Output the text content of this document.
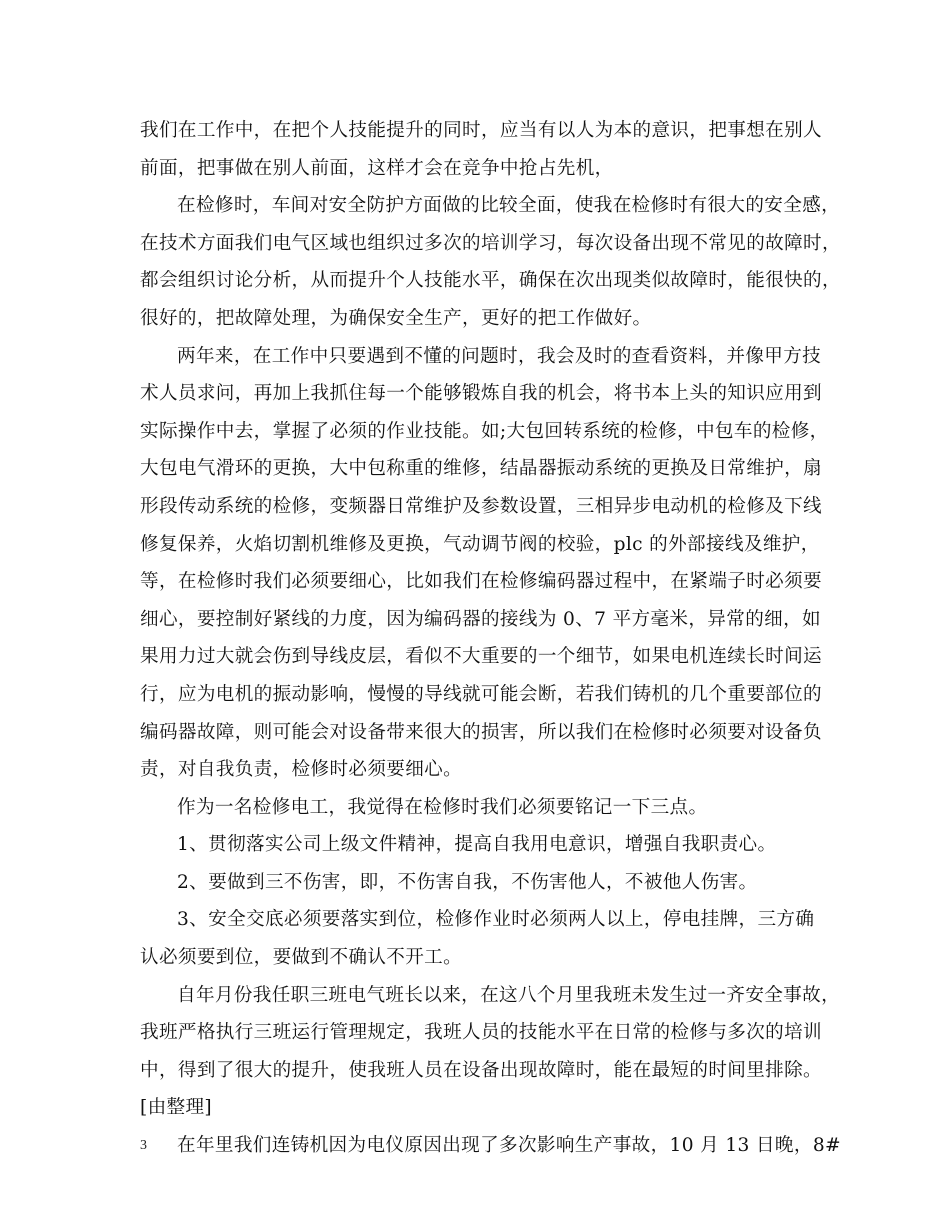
我们在工作中，在把个人技能提升的同时，应当有以人为本的意识，把事想在别人
前面，把事做在别人前面，这样才会在竞争中抢占先机，
在检修时，车间对安全防护方面做的比较全面，使我在检修时有很大的安全感，
在技术方面我们电气区域也组织过多次的培训学习，每次设备出现不常见的故障时，
都会组织讨论分析，从而提升个人技能水平，确保在次出现类似故障时，能很快的，
很好的，把故障处理，为确保安全生产，更好的把工作做好。
两年来，在工作中只要遇到不懂的问题时，我会及时的查看资料，并像甲方技
术人员求问，再加上我抓住每一个能够锻炼自我的机会，将书本上头的知识应用到
实际操作中去，掌握了必须的作业技能。如;大包回转系统的检修，中包车的检修，
大包电气滑环的更换，大中包称重的维修，结晶器振动系统的更换及日常维护，扇
形段传动系统的检修，变频器日常维护及参数设置，三相异步电动机的检修及下线
修复保养，火焰切割机维修及更换，气动调节阀的校验，plc 的外部接线及维护，
等，在检修时我们必须要细心，比如我们在检修编码器过程中，在紧端子时必须要
细心，要控制好紧线的力度，因为编码器的接线为 0、7 平方毫米，异常的细，如
果用力过大就会伤到导线皮层，看似不大重要的一个细节，如果电机连续长时间运
行，应为电机的振动影响，慢慢的导线就可能会断，若我们铸机的几个重要部位的
编码器故障，则可能会对设备带来很大的损害，所以我们在检修时必须要对设备负
责，对自我负责，检修时必须要细心。
作为一名检修电工，我觉得在检修时我们必须要铭记一下三点。
1、贯彻落实公司上级文件精神，提高自我用电意识，增强自我职责心。
2、要做到三不伤害，即，不伤害自我，不伤害他人，不被他人伤害。
3、安全交底必须要落实到位，检修作业时必须两人以上，停电挂牌，三方确
认必须要到位，要做到不确认不开工。
自年月份我任职三班电气班长以来，在这八个月里我班未发生过一齐安全事故，
我班严格执行三班运行管理规定，我班人员的技能水平在日常的检修与多次的培训
中，得到了很大的提升，使我班人员在设备出现故障时，能在最短的时间里排除。
[由整理]
在年里我们连铸机因为电仪原因出现了多次影响生产事故，10 月 13 日晚，8#
3
